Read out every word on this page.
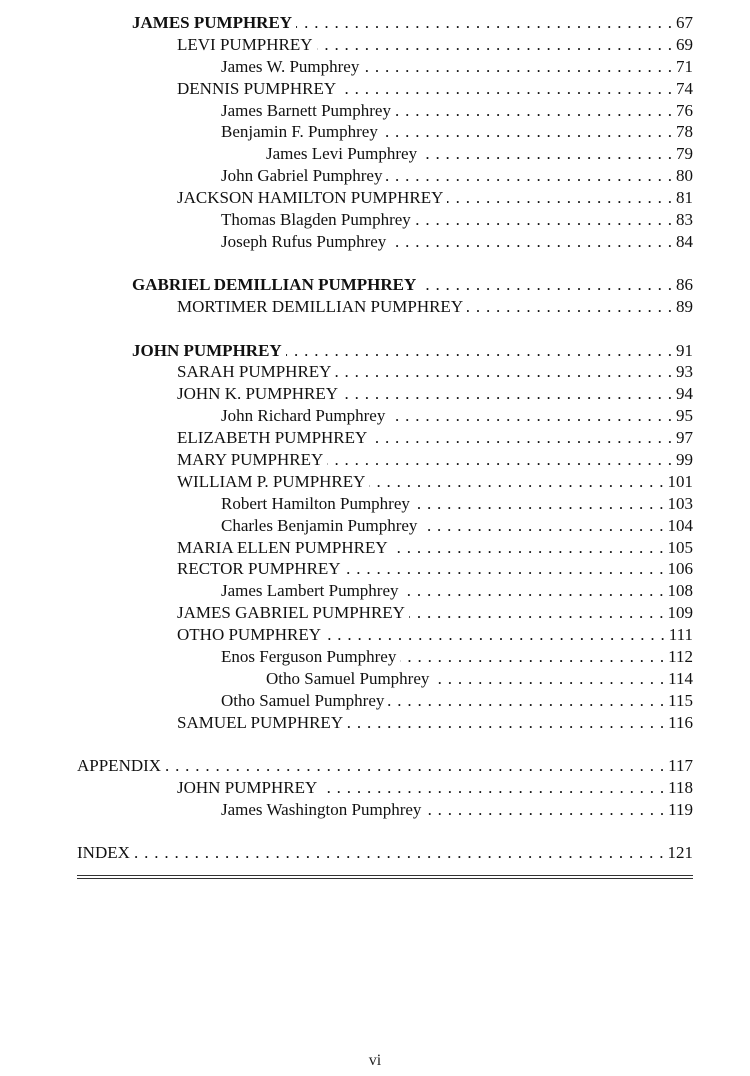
JAMES PUMPHREY . . .	67
LEVI PUMPHREY . . .	69
James W. Pumphrey . . .	71
DENNIS PUMPHREY . . .	74
James Barnett Pumphrey . . .	76
Benjamin F. Pumphrey . . .	78
James Levi Pumphrey . . .	79
John Gabriel Pumphrey . . .	80
JACKSON HAMILTON PUMPHREY . . .	81
Thomas Blagden Pumphrey . . .	83
Joseph Rufus Pumphrey . . .	84
GABRIEL DEMILLIAN PUMPHREY . . .	86
MORTIMER DEMILLIAN PUMPHREY . . .	89
JOHN PUMPHREY . . .	91
SARAH PUMPHREY . . .	93
JOHN K. PUMPHREY . . .	94
John Richard Pumphrey . . .	95
ELIZABETH PUMPHREY . . .	97
MARY PUMPHREY . . .	99
WILLIAM P. PUMPHREY . . .	101
Robert Hamilton Pumphrey . . .	103
Charles Benjamin Pumphrey . . .	104
MARIA ELLEN PUMPHREY . . .	105
RECTOR PUMPHREY . . .	106
James Lambert Pumphrey . . .	108
JAMES GABRIEL PUMPHREY . . .	109
OTHO PUMPHREY . . .	111
Enos Ferguson Pumphrey . . .	112
Otho Samuel Pumphrey . . .	114
Otho Samuel Pumphrey . . .	115
SAMUEL PUMPHREY . . .	116
APPENDIX . . .	117
JOHN PUMPHREY . . .	118
James Washington Pumphrey . . .	119
INDEX . . .	121
vi
